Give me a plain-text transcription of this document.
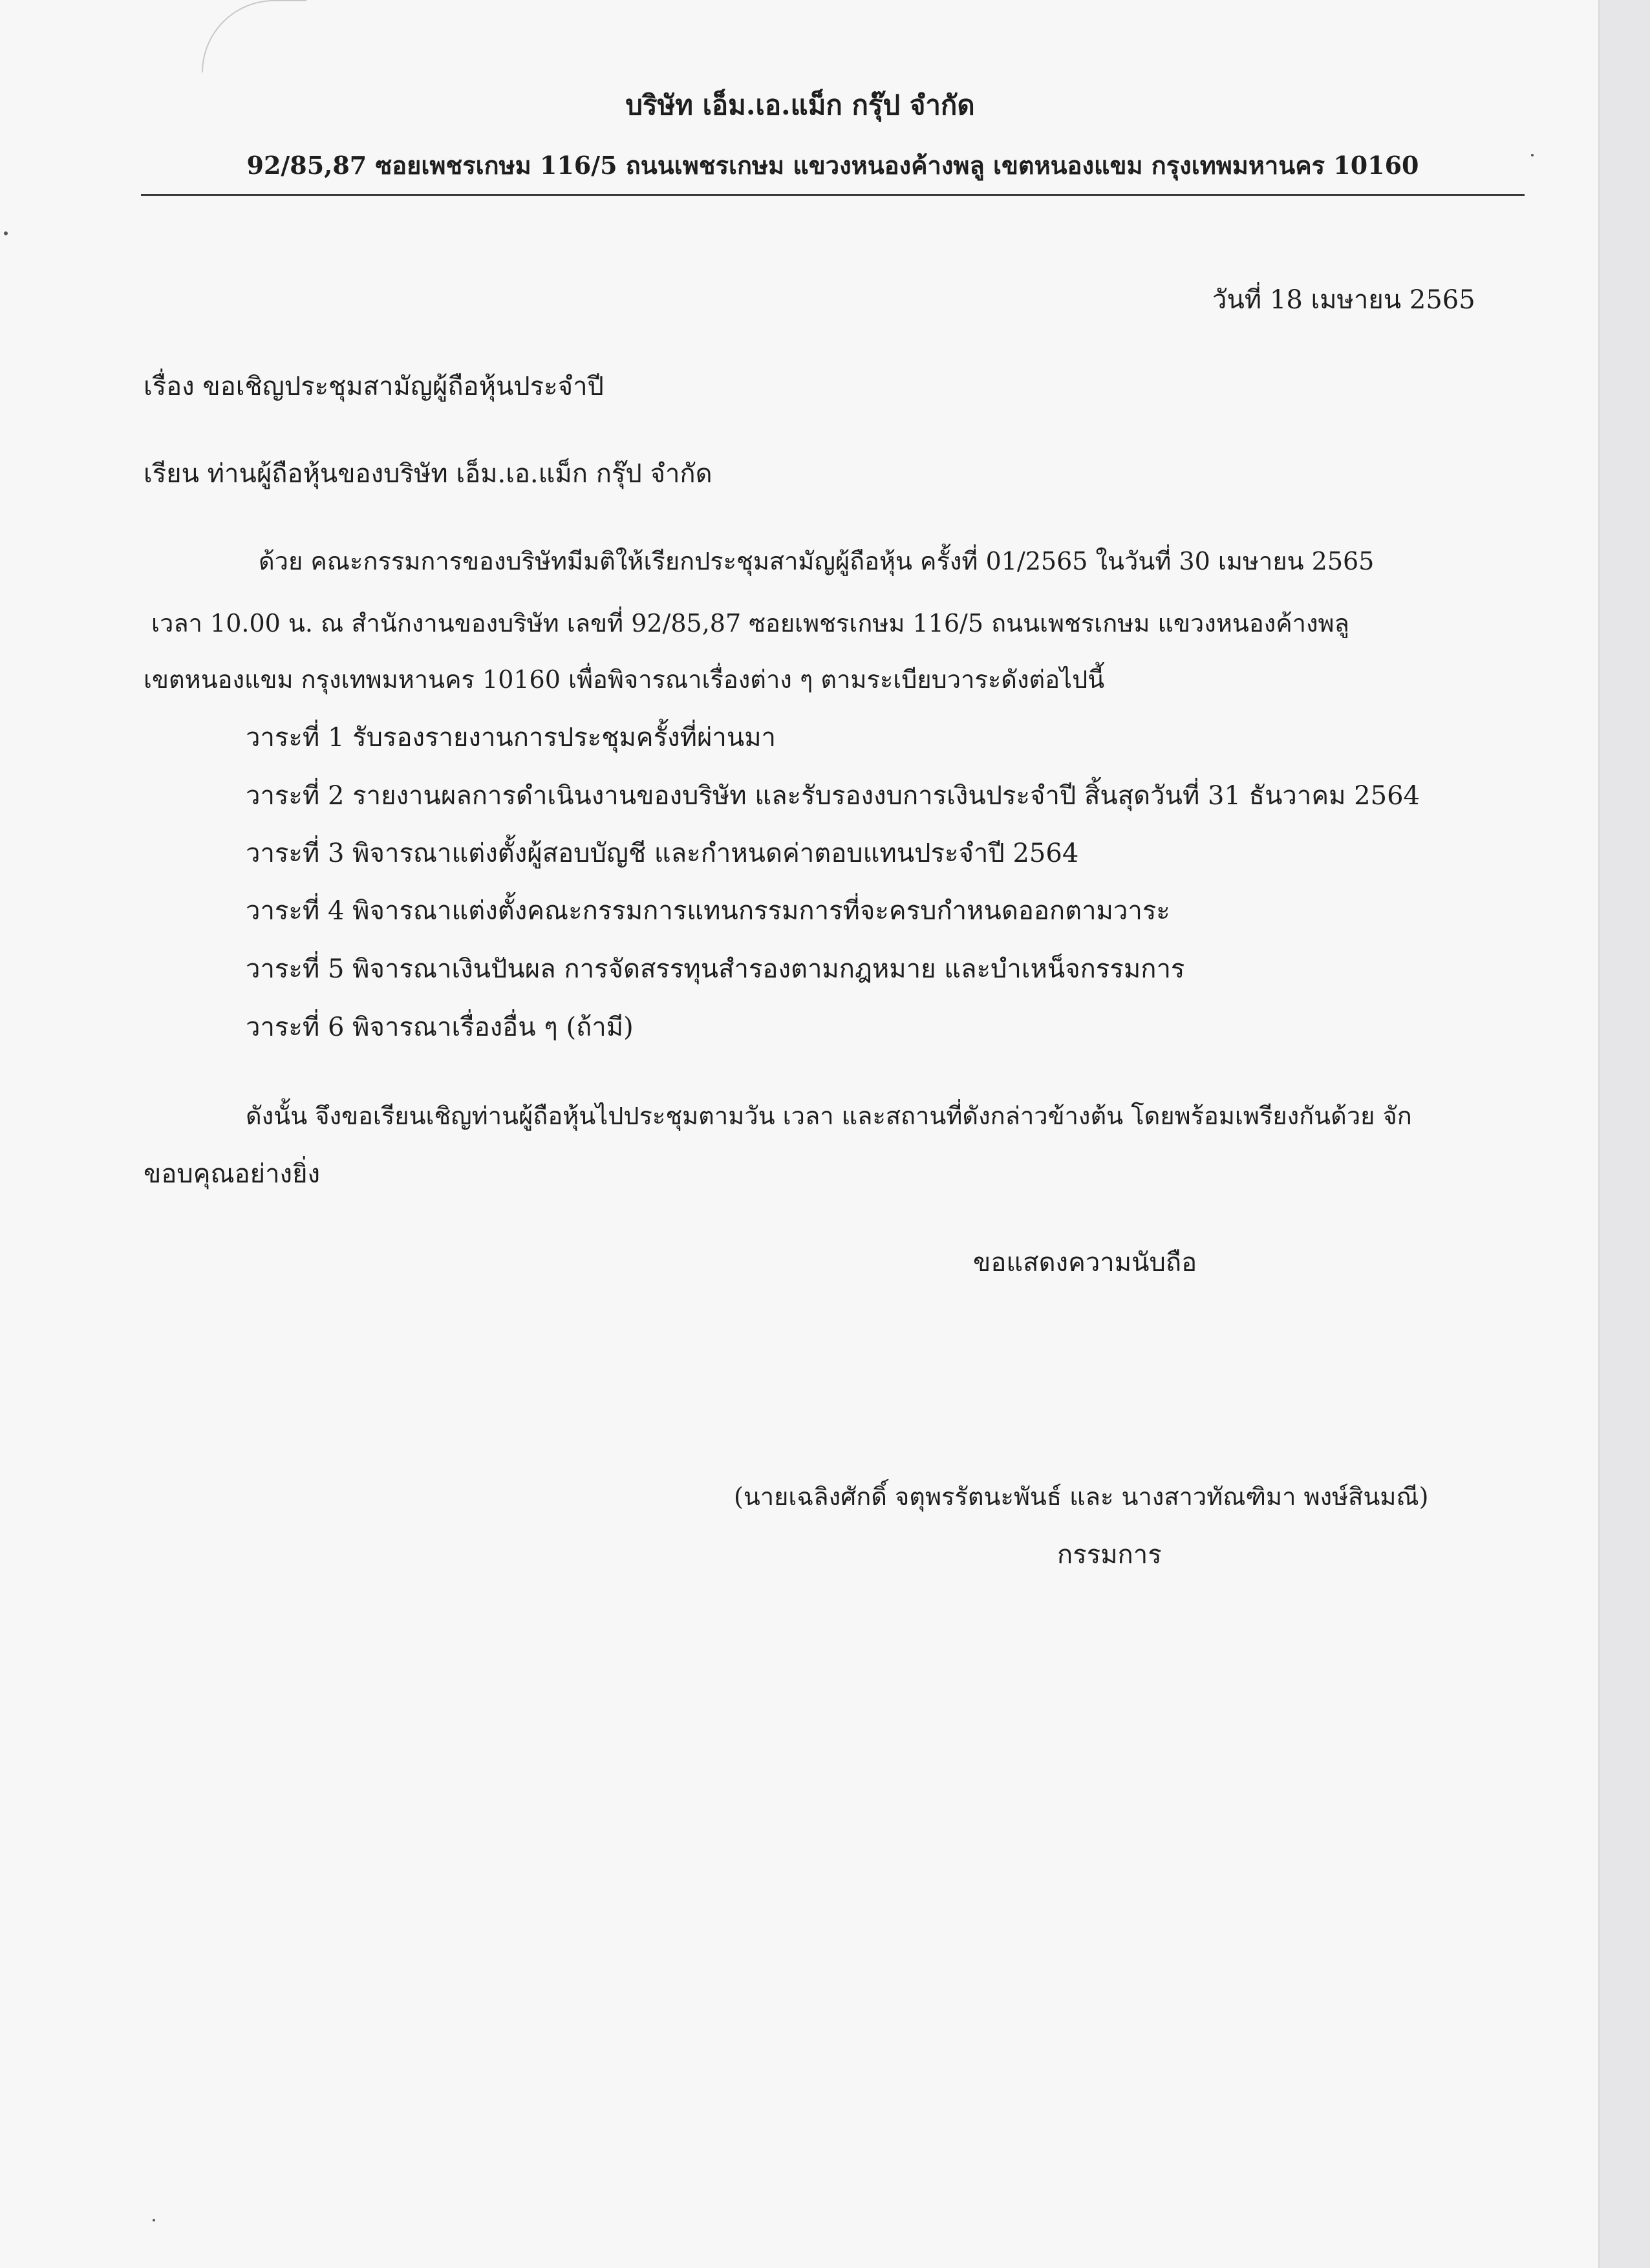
บริษัท เอ็ม.เอ.แม็ก กรุ๊ป จำกัด
92/85,87 ซอยเพชรเกษม 116/5 ถนนเพชรเกษม แขวงหนองค้างพลู เขตหนองแขม กรุงเทพมหานคร 10160
วันที่ 18 เมษายน 2565
เรื่อง ขอเชิญประชุมสามัญผู้ถือหุ้นประจำปี
เรียน ท่านผู้ถือหุ้นของบริษัท เอ็ม.เอ.แม็ก กรุ๊ป จำกัด
ด้วย คณะกรรมการของบริษัทมีมติให้เรียกประชุมสามัญผู้ถือหุ้น ครั้งที่ 01/2565 ในวันที่ 30 เมษายน 2565
เวลา 10.00 น. ณ สำนักงานของบริษัท เลขที่ 92/85,87 ซอยเพชรเกษม 116/5 ถนนเพชรเกษม แขวงหนองค้างพลู
เขตหนองแขม กรุงเทพมหานคร 10160 เพื่อพิจารณาเรื่องต่าง ๆ ตามระเบียบวาระดังต่อไปนี้
วาระที่ 1 รับรองรายงานการประชุมครั้งที่ผ่านมา
วาระที่ 2 รายงานผลการดำเนินงานของบริษัท และรับรองงบการเงินประจำปี สิ้นสุดวันที่ 31 ธันวาคม 2564
วาระที่ 3 พิจารณาแต่งตั้งผู้สอบบัญชี และกำหนดค่าตอบแทนประจำปี 2564
วาระที่ 4 พิจารณาแต่งตั้งคณะกรรมการแทนกรรมการที่จะครบกำหนดออกตามวาระ
วาระที่ 5 พิจารณาเงินปันผล การจัดสรรทุนสำรองตามกฎหมาย และบำเหน็จกรรมการ
วาระที่ 6 พิจารณาเรื่องอื่น ๆ (ถ้ามี)
ดังนั้น จึงขอเรียนเชิญท่านผู้ถือหุ้นไปประชุมตามวัน เวลา และสถานที่ดังกล่าวข้างต้น โดยพร้อมเพรียงกันด้วย จัก
ขอบคุณอย่างยิ่ง
ขอแสดงความนับถือ
(นายเฉลิงศักดิ์ จตุพรรัตนะพันธ์ และ นางสาวทัณฑิมา พงษ์สินมณี)
กรรมการ
